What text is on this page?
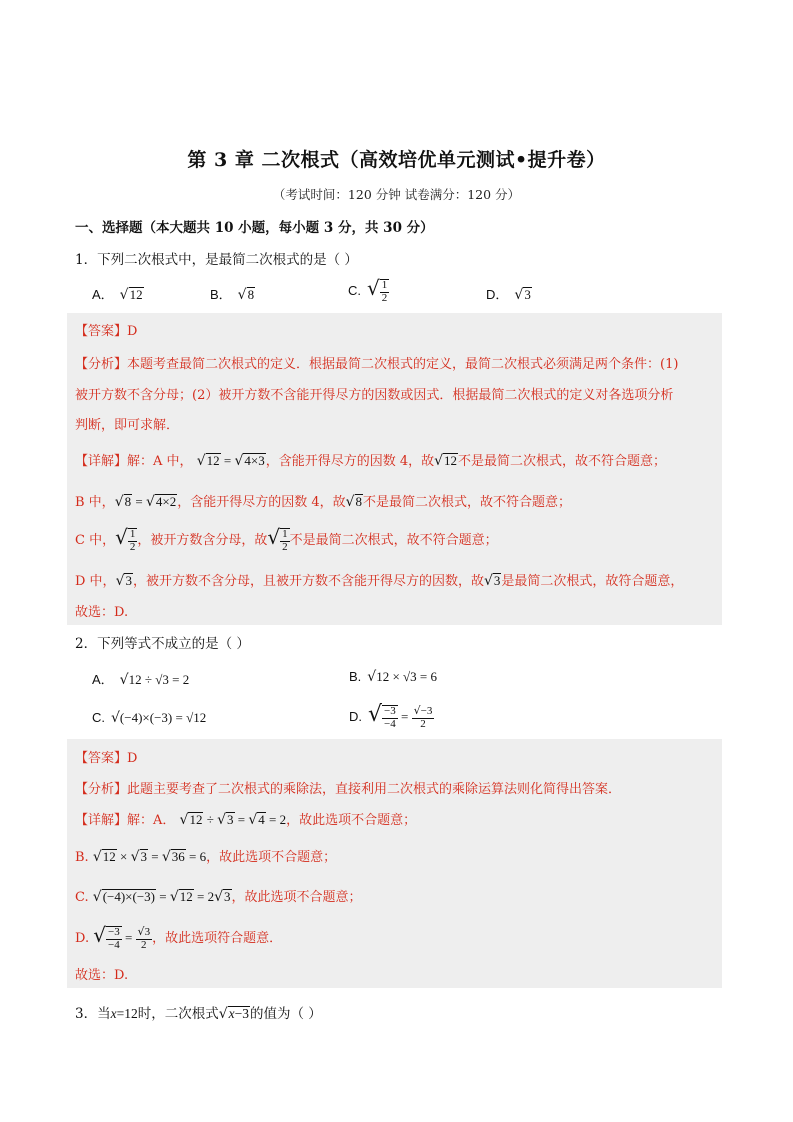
第 3 章 二次根式（高效培优单元测试•提升卷）
（考试时间：120 分钟 试卷满分：120 分）
一、选择题（本大题共 10 小题，每小题 3 分，共 30 分）
1．下列二次根式中，是最简二次根式的是（ ）
A． √12	B． √8	C. √ $\frac{1}{2}$	D． √3
【答案】D
【分析】本题考查最简二次根式的定义．根据最简二次根式的定义，最简二次根式必须满足两个条件：(1)
被开方数不含分母；(2）被开方数不含能开得尽方的因数或因式．根据最简二次根式的定义对各选项分析
判断，即可求解．
【详解】解：A 中， √12 = √4×3，含能开得尽方的因数 4，故√12不是最简二次根式，故不符合题意；
B 中，√8 = √4×2，含能开得尽方的因数 4，故√8不是最简二次根式，故不符合题意；
C 中，√ $\frac{1}{2}$ ，被开方数含分母，故√ $\frac{1}{2}$ 不是最简二次根式，故不符合题意；
D 中，√3，被开方数不含分母，且被开方数不含能开得尽方的因数，故√3是最简二次根式，故符合题意，
故选：D.
2．下列等式不成立的是（ ）
A． √12 ÷ √3 = 2	B. √12 × √3 = 6
C. √(−4)×(−3) = √12	D. √ $\frac{-3}{-4} = \frac{√-3}{2}$
【答案】D
【分析】此题主要考查了二次根式的乘除法，直接利用二次根式的乘除运算法则化简得出答案．
【详解】解：A． √12 ÷ √3 = √4 = 2，故此选项不合题意；
B. √12 × √3 = √36 = 6，故此选项不合题意；
C. √(−4)×(−3) = √12 = 2√3，故此选项不合题意；
D. √ $\frac{-3}{-4} = \frac{√3}{2}$ ，故此选项符合题意．
故选：D.
3．当x=12时，二次根式√x−3的值为（ ）
